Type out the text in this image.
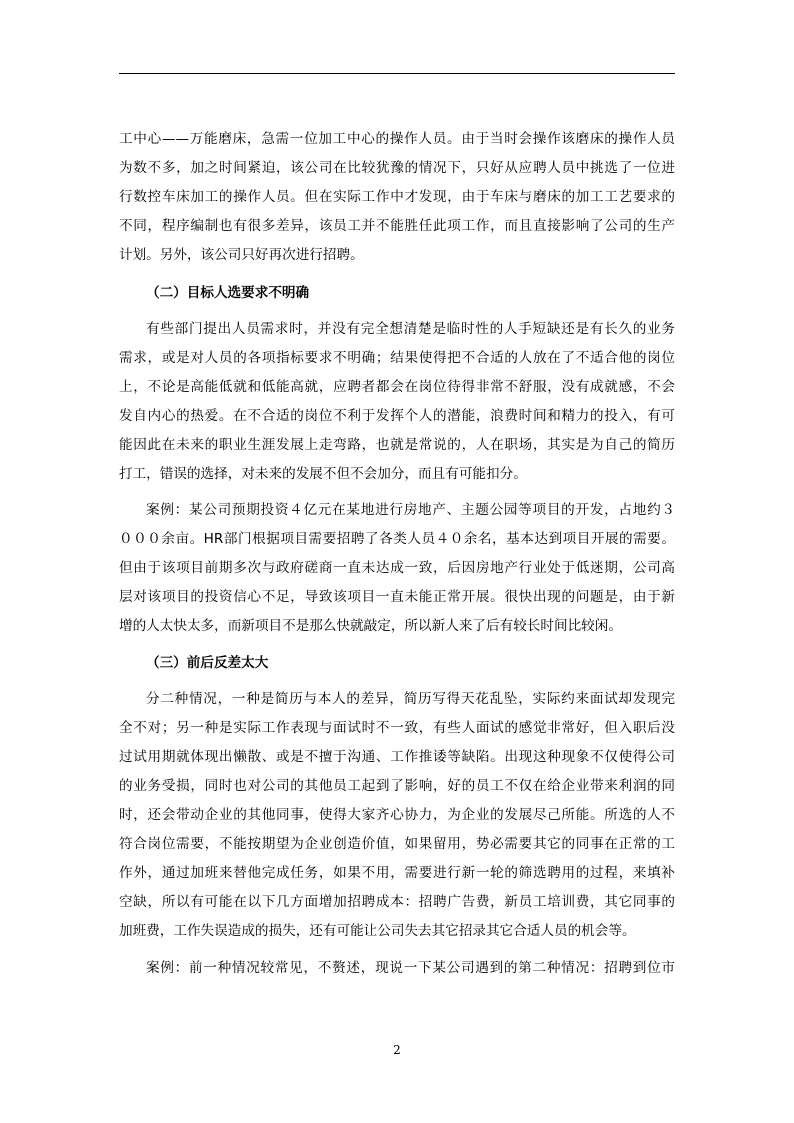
工中心——万能磨床，急需一位加工中心的操作人员。由于当时会操作该磨床的操作人员
为数不多，加之时间紧迫，该公司在比较犹豫的情况下，只好从应聘人员中挑选了一位进
行数控车床加工的操作人员。但在实际工作中才发现，由于车床与磨床的加工工艺要求的
不同，程序编制也有很多差异，该员工并不能胜任此项工作，而且直接影响了公司的生产
计划。另外，该公司只好再次进行招聘。
（二）目标人选要求不明确
有些部门提出人员需求时，并没有完全想清楚是临时性的人手短缺还是有长久的业务
需求，或是对人员的各项指标要求不明确；结果使得把不合适的人放在了不适合他的岗位
上，不论是高能低就和低能高就，应聘者都会在岗位待得非常不舒服，没有成就感，不会
发自内心的热爱。在不合适的岗位不利于发挥个人的潜能，浪费时间和精力的投入，有可
能因此在未来的职业生涯发展上走弯路，也就是常说的，人在职场，其实是为自己的简历
打工，错误的选择，对未来的发展不但不会加分，而且有可能扣分。
案例：某公司预期投资４亿元在某地进行房地产、主题公园等项目的开发，占地约３
０００余亩。HR部门根据项目需要招聘了各类人员４０余名，基本达到项目开展的需要。
但由于该项目前期多次与政府磋商一直未达成一致，后因房地产行业处于低迷期，公司高
层对该项目的投资信心不足，导致该项目一直未能正常开展。很快出现的问题是，由于新
增的人太快太多，而新项目不是那么快就敲定，所以新人来了后有较长时间比较闲。
（三）前后反差太大
分二种情况，一种是简历与本人的差异，简历写得天花乱坠，实际约来面试却发现完
全不对；另一种是实际工作表现与面试时不一致，有些人面试的感觉非常好，但入职后没
过试用期就体现出懒散、或是不擅于沟通、工作推诿等缺陷。出现这种现象不仅使得公司
的业务受损，同时也对公司的其他员工起到了影响，好的员工不仅在给企业带来利润的同
时，还会带动企业的其他同事，使得大家齐心协力，为企业的发展尽己所能。所选的人不
符合岗位需要，不能按期望为企业创造价值，如果留用，势必需要其它的同事在正常的工
作外，通过加班来替他完成任务，如果不用，需要进行新一轮的筛选聘用的过程，来填补
空缺，所以有可能在以下几方面增加招聘成本：招聘广告费，新员工培训费，其它同事的
加班费，工作失误造成的损失，还有可能让公司失去其它招录其它合适人员的机会等。
案例：前一种情况较常见，不赘述，现说一下某公司遇到的第二种情况：招聘到位市
2
